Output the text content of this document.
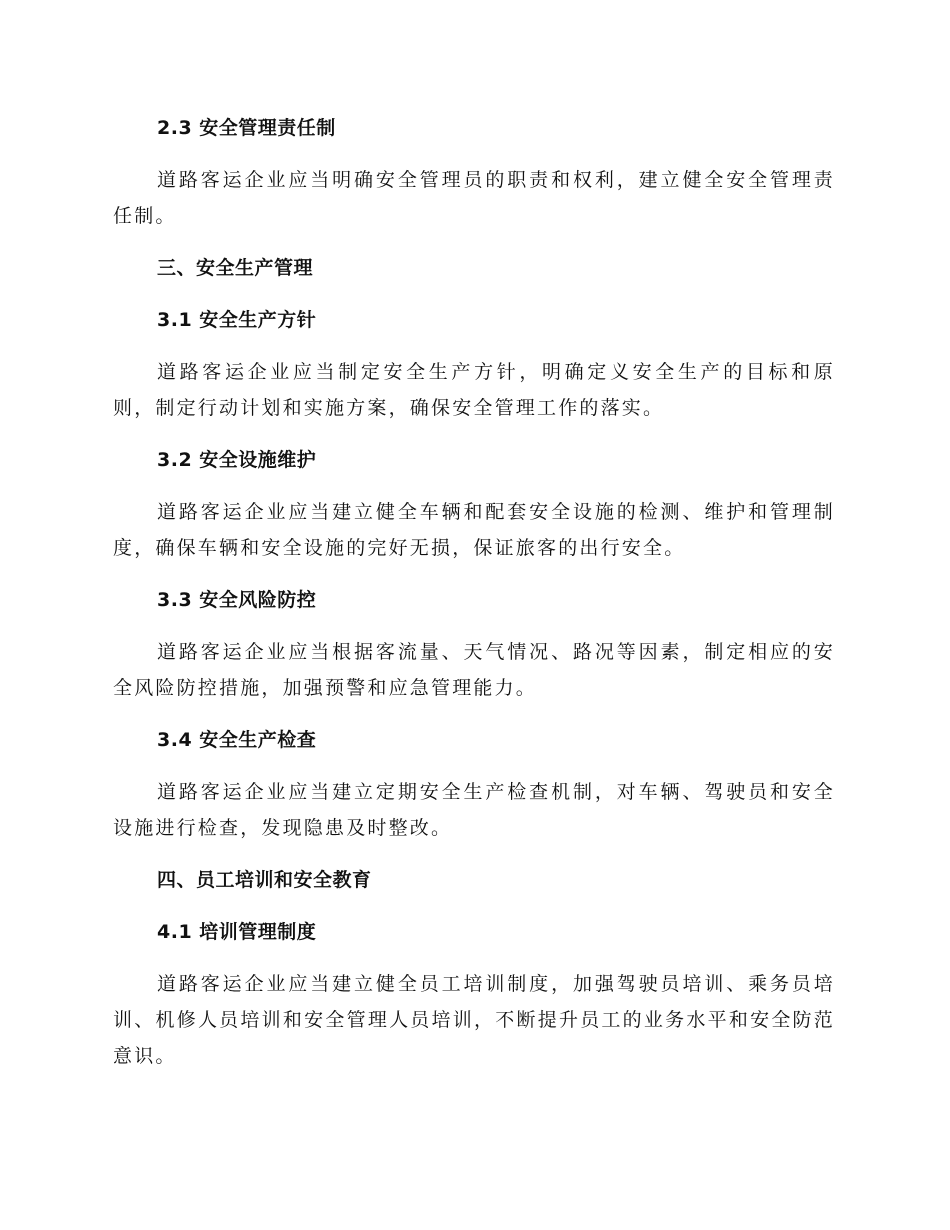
2.3 安全管理责任制
道路客运企业应当明确安全管理员的职责和权利，建立健全安全管理责任制。
三、安全生产管理
3.1 安全生产方针
道路客运企业应当制定安全生产方针，明确定义安全生产的目标和原则，制定行动计划和实施方案，确保安全管理工作的落实。
3.2 安全设施维护
道路客运企业应当建立健全车辆和配套安全设施的检测、维护和管理制度，确保车辆和安全设施的完好无损，保证旅客的出行安全。
3.3 安全风险防控
道路客运企业应当根据客流量、天气情况、路况等因素，制定相应的安全风险防控措施，加强预警和应急管理能力。
3.4 安全生产检查
道路客运企业应当建立定期安全生产检查机制，对车辆、驾驶员和安全设施进行检查，发现隐患及时整改。
四、员工培训和安全教育
4.1 培训管理制度
道路客运企业应当建立健全员工培训制度，加强驾驶员培训、乘务员培训、机修人员培训和安全管理人员培训，不断提升员工的业务水平和安全防范意识。
